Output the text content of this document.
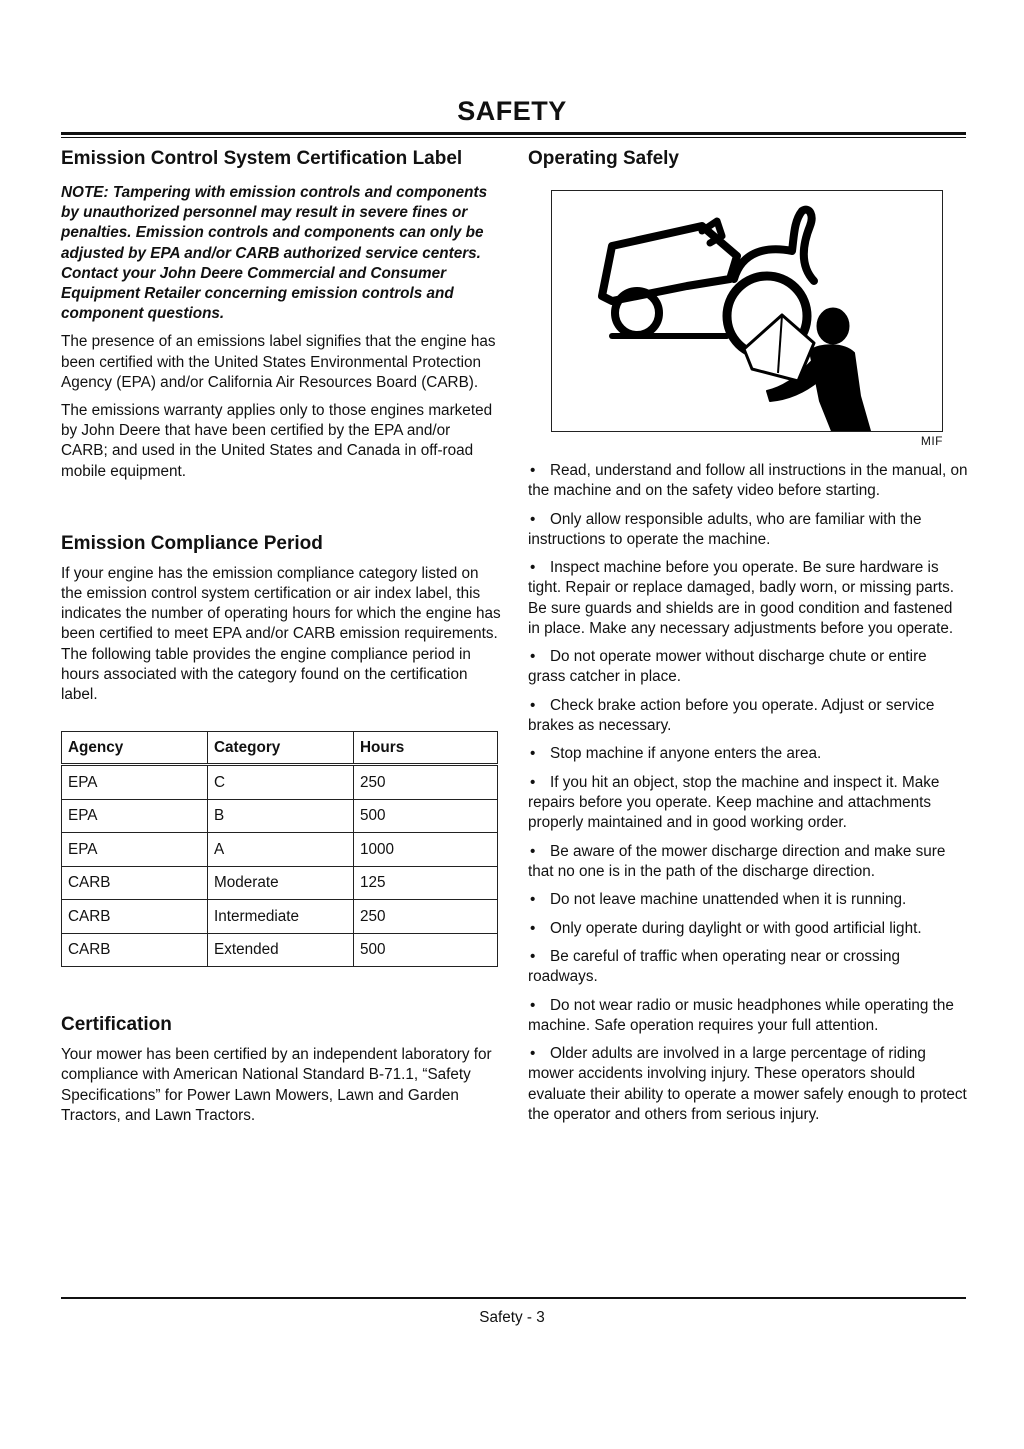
SAFETY
Emission Control System Certification Label

NOTE: Tampering with emission controls and components by unauthorized personnel may result in severe fines or penalties. Emission controls and components can only be adjusted by EPA and/or CARB authorized service centers. Contact your John Deere Commercial and Consumer Equipment Retailer concerning emission controls and component questions.

The presence of an emissions label signifies that the engine has been certified with the United States Environmental Protection Agency (EPA) and/or California Air Resources Board (CARB).

The emissions warranty applies only to those engines marketed by John Deere that have been certified by the EPA and/or CARB; and used in the United States and Canada in off-road mobile equipment.

Emission Compliance Period

If your engine has the emission compliance category listed on the emission control system certification or air index label, this indicates the number of operating hours for which the engine has been certified to meet EPA and/or CARB emission requirements. The following table provides the engine compliance period in hours associated with the category found on the certification label.

Agency	Category	Hours
EPA	C	250
EPA	B	500
EPA	A	1000
CARB	Moderate	125
CARB	Intermediate	250
CARB	Extended	500
Certification

Your mower has been certified by an independent laboratory for compliance with American National Standard B-71.1, “Safety Specifications” for Power Lawn Mowers, Lawn and Garden Tractors, and Lawn Tractors.

Operating Safely
MIF
• Read, understand and follow all instructions in the manual, on the machine and on the safety video before starting.
• Only allow responsible adults, who are familiar with the instructions to operate the machine.
• Inspect machine before you operate. Be sure hardware is tight. Repair or replace damaged, badly worn, or missing parts. Be sure guards and shields are in good condition and fastened in place. Make any necessary adjustments before you operate.
• Do not operate mower without discharge chute or entire grass catcher in place.
• Check brake action before you operate. Adjust or service brakes as necessary.
• Stop machine if anyone enters the area.
• If you hit an object, stop the machine and inspect it. Make repairs before you operate. Keep machine and attachments properly maintained and in good working order.
• Be aware of the mower discharge direction and make sure that no one is in the path of the discharge direction.
• Do not leave machine unattended when it is running.
• Only operate during daylight or with good artificial light.
• Be careful of traffic when operating near or crossing roadways.
• Do not wear radio or music headphones while operating the machine. Safe operation requires your full attention.
• Older adults are involved in a large percentage of riding mower accidents involving injury. These operators should evaluate their ability to operate a mower safely enough to protect the operator and others from serious injury.
Safety - 3
